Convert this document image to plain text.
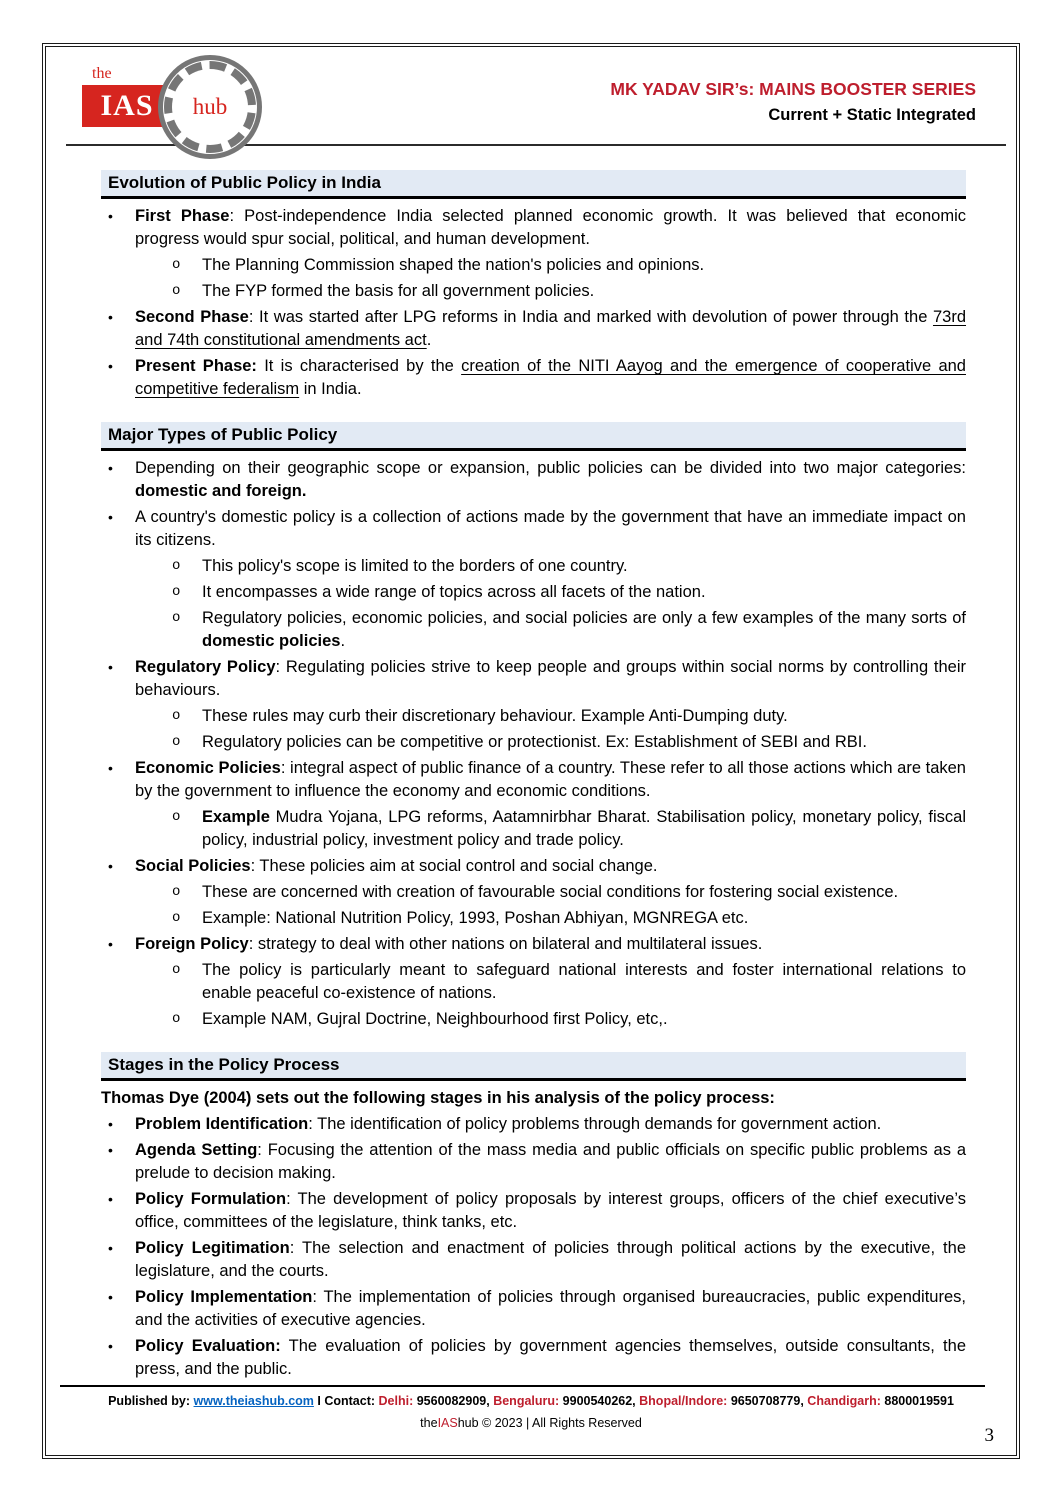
the
IAS	hub
MK YADAV SIR’s: MAINS BOOSTER SERIES
Current + Static Integrated
Evolution of Public Policy in India
•	First Phase: Post-independence India selected planned economic growth. It was believed that economic progress would spur social, political, and human development.
o	The Planning Commission shaped the nation's policies and opinions.
o	The FYP formed the basis for all government policies.
•	Second Phase: It was started after LPG reforms in India and marked with devolution of power through the 73rd and 74th constitutional amendments act.
•	Present Phase: It is characterised by the creation of the NITI Aayog and the emergence of cooperative and competitive federalism in India.
Major Types of Public Policy
•	Depending on their geographic scope or expansion, public policies can be divided into two major categories: domestic and foreign.
•	A country's domestic policy is a collection of actions made by the government that have an immediate impact on its citizens.
o	This policy's scope is limited to the borders of one country.
o	It encompasses a wide range of topics across all facets of the nation.
o	Regulatory policies, economic policies, and social policies are only a few examples of the many sorts of domestic policies.
•	Regulatory Policy: Regulating policies strive to keep people and groups within social norms by controlling their behaviours.
o	These rules may curb their discretionary behaviour. Example Anti-Dumping duty.
o	Regulatory policies can be competitive or protectionist. Ex: Establishment of SEBI and RBI.
•	Economic Policies: integral aspect of public finance of a country. These refer to all those actions which are taken by the government to influence the economy and economic conditions.
o	Example Mudra Yojana, LPG reforms, Aatamnirbhar Bharat. Stabilisation policy, monetary policy, fiscal policy, industrial policy, investment policy and trade policy.
•	Social Policies: These policies aim at social control and social change.
o	These are concerned with creation of favourable social conditions for fostering social existence.
o	Example: National Nutrition Policy, 1993, Poshan Abhiyan, MGNREGA etc.
•	Foreign Policy: strategy to deal with other nations on bilateral and multilateral issues.
o	The policy is particularly meant to safeguard national interests and foster international relations to enable peaceful co-existence of nations.
o	Example NAM, Gujral Doctrine, Neighbourhood first Policy, etc,.
Stages in the Policy Process
Thomas Dye (2004) sets out the following stages in his analysis of the policy process:
•	Problem Identification: The identification of policy problems through demands for government action.
•	Agenda Setting: Focusing the attention of the mass media and public officials on specific public problems as a prelude to decision making.
•	Policy Formulation: The development of policy proposals by interest groups, officers of the chief executive’s office, committees of the legislature, think tanks, etc.
•	Policy Legitimation: The selection and enactment of policies through political actions by the executive, the legislature, and the courts.
•	Policy Implementation: The implementation of policies through organised bureaucracies, public expenditures, and the activities of executive agencies.
•	Policy Evaluation: The evaluation of policies by government agencies themselves, outside consultants, the press, and the public.
Published by: www.theiashub.com I Contact: Delhi: 9560082909, Bengaluru: 9900540262, Bhopal/Indore: 9650708779, Chandigarh: 8800019591
theIAShub © 2023 | All Rights Reserved
3
